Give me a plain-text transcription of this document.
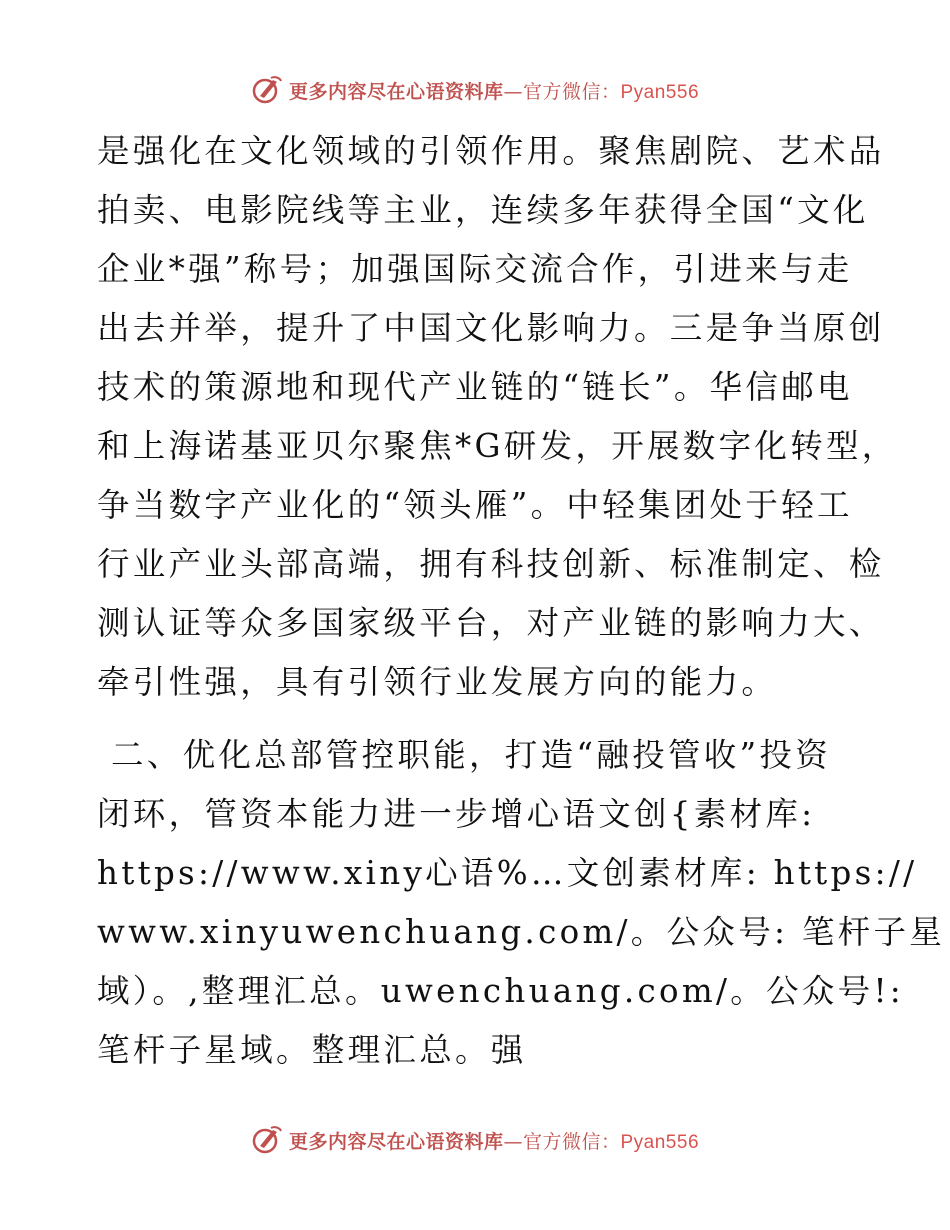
更多内容尽在心语资料库—官方微信：Pyan556
是强化在文化领域的引领作用。聚焦剧院、艺术品
拍卖、电影院线等主业，连续多年获得全国“文化
企业*强”称号；加强国际交流合作，引进来与走
出去并举，提升了中国文化影响力。三是争当原创
技术的策源地和现代产业链的“链长”。华信邮电
和上海诺基亚贝尔聚焦*G研发，开展数字化转型，
争当数字产业化的“领头雁”。中轻集团处于轻工
行业产业头部高端，拥有科技创新、标准制定、检
测认证等众多国家级平台，对产业链的影响力大、
牵引性强，具有引领行业发展方向的能力。
二、优化总部管控职能，打造“融投管收”投资
闭环，管资本能力进一步增心语文创{素材库:
https://www.xiny心语%…文创素材库: https://
www.xinyuwenchuang.com/。公众号: 笔杆子星
域）。,整理汇总。uwenchuang.com/。公众号!:
笔杆子星域。整理汇总。强
更多内容尽在心语资料库—官方微信：Pyan556
